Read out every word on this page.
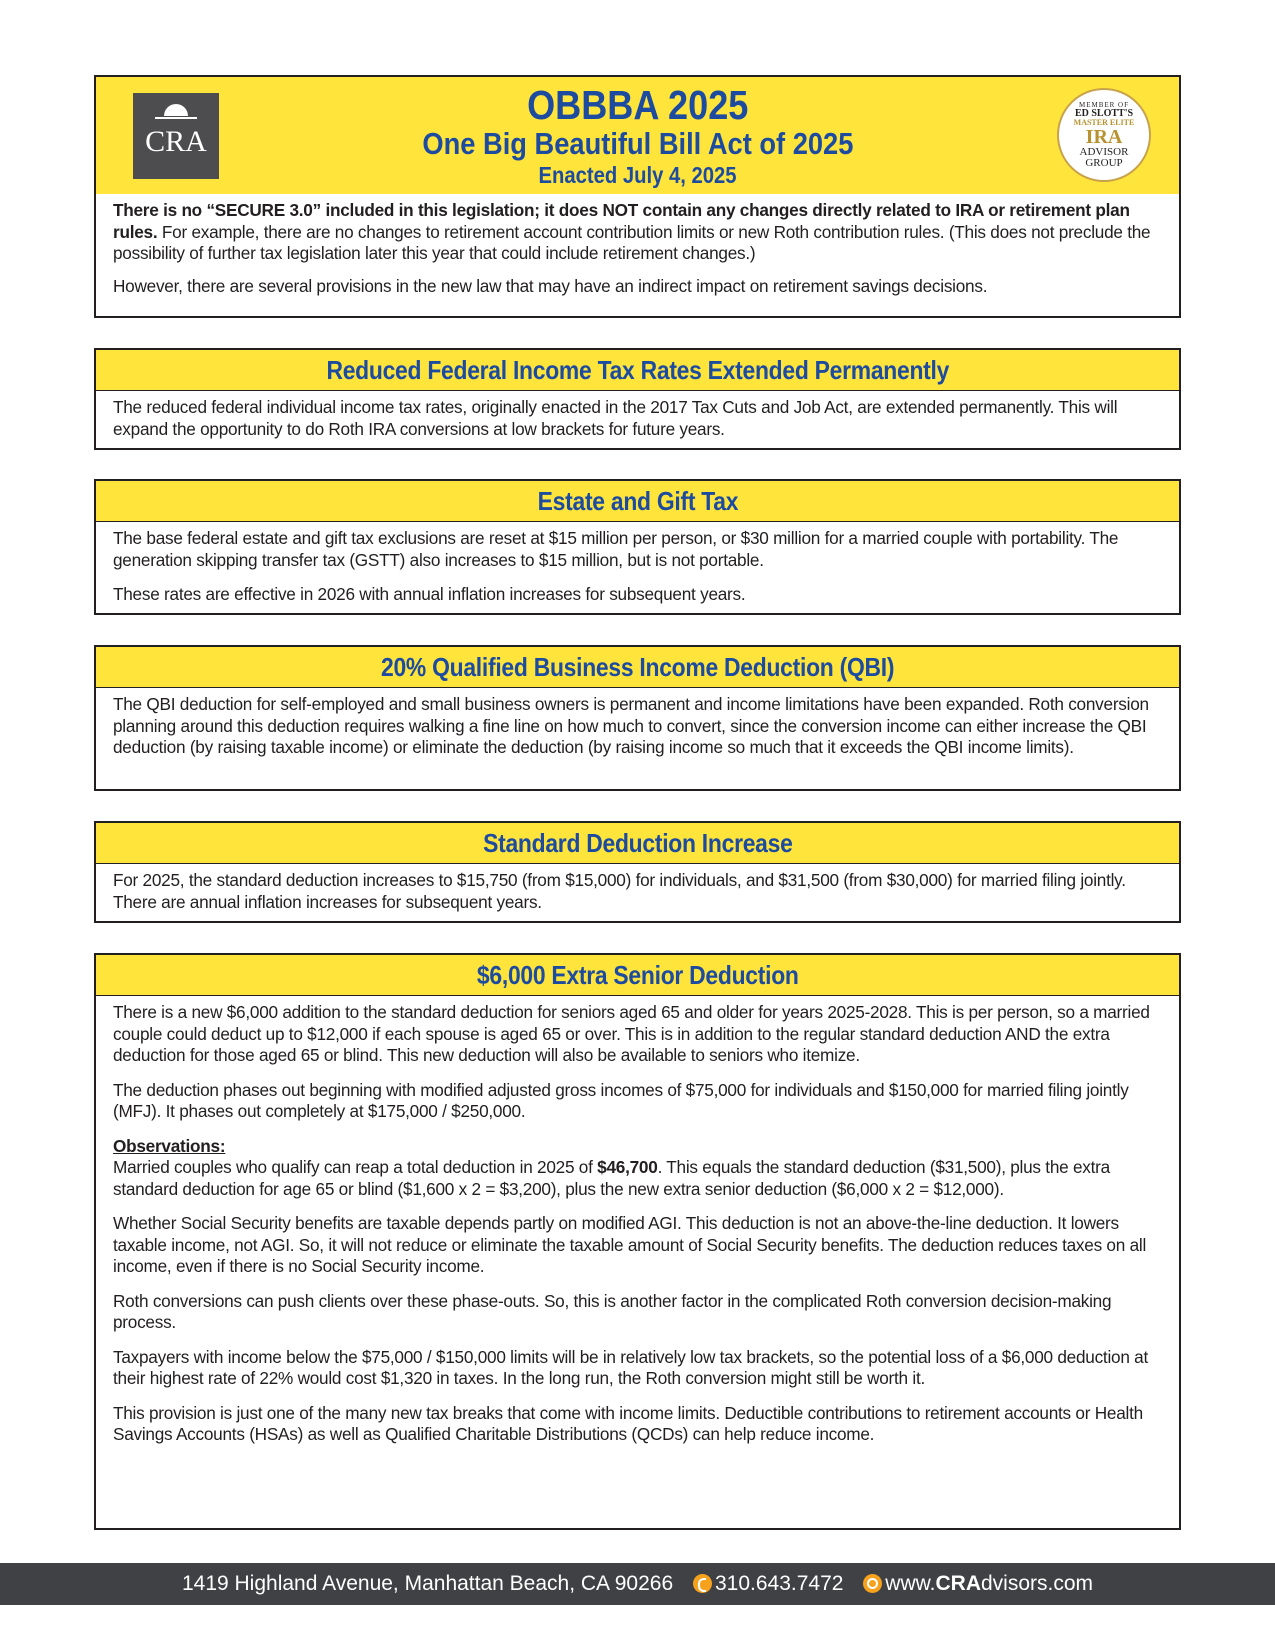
CRA
OBBBA 2025
One Big Beautiful Bill Act of 2025
Enacted July 4, 2025
MEMBER OF
ED SLOTT'S
MASTER ELITE
IRA
ADVISOR
GROUP

There is no “SECURE 3.0” included in this legislation; it does NOT contain any changes directly related to IRA or retirement plan rules. For example, there are no changes to retirement account contribution limits or new Roth contribution rules. (This does not preclude the possibility of further tax legislation later this year that could include retirement changes.)

However, there are several provisions in the new law that may have an indirect impact on retirement savings decisions.

Reduced Federal Income Tax Rates Extended Permanently

The reduced federal individual income tax rates, originally enacted in the 2017 Tax Cuts and Job Act, are extended permanently. This will expand the opportunity to do Roth IRA conversions at low brackets for future years.

Estate and Gift Tax

The base federal estate and gift tax exclusions are reset at $15 million per person, or $30 million for a married couple with portability. The generation skipping transfer tax (GSTT) also increases to $15 million, but is not portable.

These rates are effective in 2026 with annual inflation increases for subsequent years.

20% Qualified Business Income Deduction (QBI)

The QBI deduction for self-employed and small business owners is permanent and income limitations have been expanded. Roth conversion planning around this deduction requires walking a fine line on how much to convert, since the conversion income can either increase the QBI deduction (by raising taxable income) or eliminate the deduction (by raising income so much that it exceeds the QBI income limits).

Standard Deduction Increase

For 2025, the standard deduction increases to $15,750 (from $15,000) for individuals, and $31,500 (from $30,000) for married filing jointly. There are annual inflation increases for subsequent years.

$6,000 Extra Senior Deduction

There is a new $6,000 addition to the standard deduction for seniors aged 65 and older for years 2025-2028. This is per person, so a married couple could deduct up to $12,000 if each spouse is aged 65 or over. This is in addition to the regular standard deduction AND the extra deduction for those aged 65 or blind. This new deduction will also be available to seniors who itemize.

The deduction phases out beginning with modified adjusted gross incomes of $75,000 for individuals and $150,000 for married filing jointly (MFJ). It phases out completely at $175,000 / $250,000.

Observations:
Married couples who qualify can reap a total deduction in 2025 of $46,700. This equals the standard deduction ($31,500), plus the extra standard deduction for age 65 or blind ($1,600 x 2 = $3,200), plus the new extra senior deduction ($6,000 x 2 = $12,000).

Whether Social Security benefits are taxable depends partly on modified AGI. This deduction is not an above-the-line deduction. It lowers taxable income, not AGI. So, it will not reduce or eliminate the taxable amount of Social Security benefits. The deduction reduces taxes on all income, even if there is no Social Security income.

Roth conversions can push clients over these phase-outs. So, this is another factor in the complicated Roth conversion decision-making process.

Taxpayers with income below the $75,000 / $150,000 limits will be in relatively low tax brackets, so the potential loss of a $6,000 deduction at their highest rate of 22% would cost $1,320 in taxes. In the long run, the Roth conversion might still be worth it.

This provision is just one of the many new tax breaks that come with income limits. Deductible contributions to retirement accounts or Health Savings Accounts (HSAs) as well as Qualified Charitable Distributions (QCDs) can help reduce income.

1419 Highland Avenue, Manhattan Beach, CA 90266 310.643.7472 www.CRAdvisors.com
